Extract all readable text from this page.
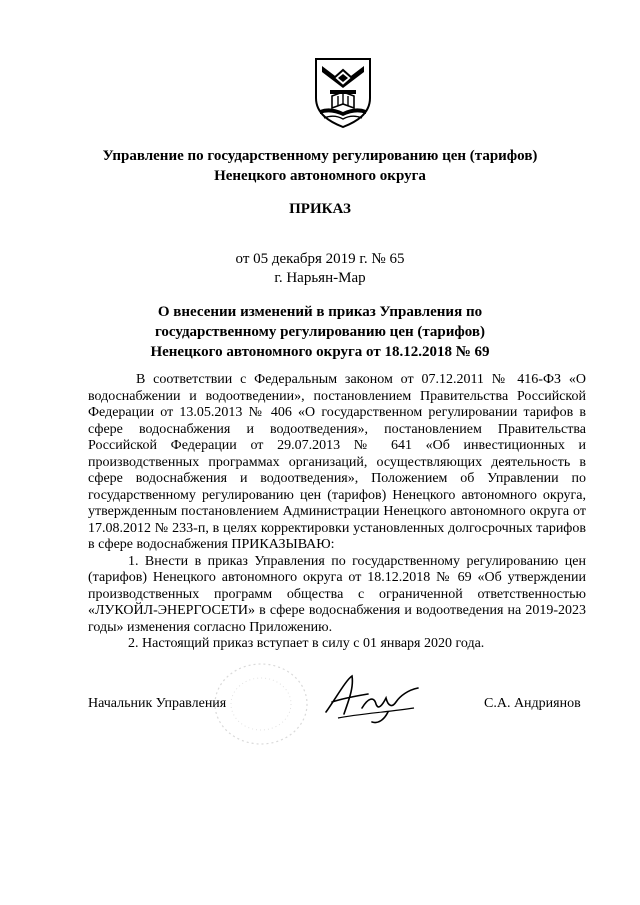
Управление по государственному регулированию цен (тарифов)
Ненецкого автономного округа
ПРИКАЗ
от 05 декабря 2019 г. № 65
г. Нарьян-Мар
О внесении изменений в приказ Управления по
государственному регулированию цен (тарифов)
Ненецкого автономного округа от 18.12.2018 № 69

В соответствии с Федеральным законом от 07.12.2011 № 416-ФЗ «О водоснабжении и водоотведении», постановлением Правительства Российской Федерации от 13.05.2013 № 406 «О государственном регулировании тарифов в сфере водоснабжения и водоотведения», постановлением Правительства Российской Федерации от 29.07.2013 № 641 «Об инвестиционных и производственных программах организаций, осуществляющих деятельность в сфере водоснабжения и водоотведения», Положением об Управлении по государственному регулированию цен (тарифов) Ненецкого автономного округа, утвержденным постановлением Администрации Ненецкого автономного округа от 17.08.2012 № 233-п, в целях корректировки установленных долгосрочных тарифов в сфере водоснабжения ПРИКАЗЫВАЮ:

1. Внести в приказ Управления по государственному регулированию цен (тарифов) Ненецкого автономного округа от 18.12.2018 № 69 «Об утверждении производственных программ общества с ограниченной ответственностью «ЛУКОЙЛ-ЭНЕРГОСЕТИ» в сфере водоснабжения и водоотведения на 2019-2023 годы» изменения согласно Приложению.

2. Настоящий приказ вступает в силу с 01 января 2020 года.

Начальник Управления	С.А. Андриянов
